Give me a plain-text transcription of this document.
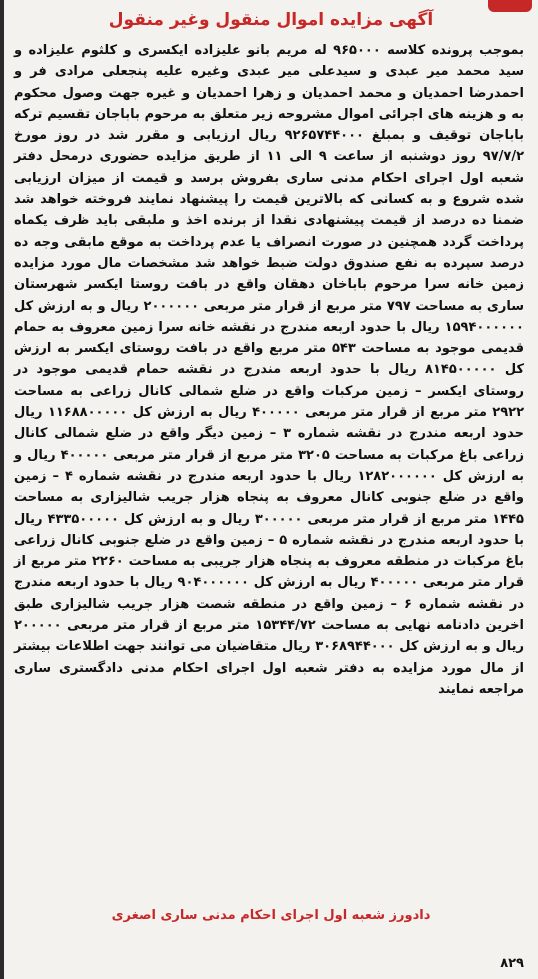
آگهی مزایده اموال منقول وغیر منقول
بموجب پرونده کلاسه ۹۶۵۰۰۰ له مریم بانو علیزاده ایکسری و کلثوم علیزاده و سید محمد میر عبدی و سیدعلی میر عبدی وغیره علیه پنجعلی مرادی فر و احمدرضا احمدیان و محمد احمدیان و زهرا احمدیان و غیره جهت وصول محکوم به و هزینه های اجرائی اموال مشروحه زیر متعلق به مرحوم باباجان تقسیم ترکه باباجان توقیف و بمبلغ ۹۲۶۵۷۴۴۰۰۰ ریال ارزیابی و مقرر شد در روز مورخ ۹۷/۷/۲ روز دوشنبه از ساعت ۹ الی ۱۱ از طریق مزایده حضوری درمحل دفتر شعبه اول اجرای احکام مدنی ساری بفروش برسد و قیمت از میزان ارزیابی شده شروع و به کسانی که بالاترین قیمت را پیشنهاد نمایند فروخته خواهد شد ضمنا ده درصد از قیمت پیشنهادی نقدا از برنده اخذ و ملبقی باید ظرف یکماه پرداخت گردد همچنین در صورت انصراف یا عدم پرداخت به موقع مابقی وجه ده درصد سپرده به نفع صندوق دولت ضبط خواهد شد مشخصات مال مورد مزایده زمین خانه سرا مرحوم باباخان دهقان واقع در بافت روستا ایکسر شهرستان ساری به مساحت ۷۹۷ متر مربع از قرار متر مربعی ۲۰۰۰۰۰۰ ریال و به ارزش کل ۱۵۹۴۰۰۰۰۰۰ ریال با حدود اربعه مندرج در نقشه خانه سرا زمین معروف به حمام قدیمی موجود به مساحت ۵۴۳ متر مربع واقع در بافت روستای ایکسر به ارزش کل ۸۱۴۵۰۰۰۰۰ ریال با حدود اربعه مندرج در نقشه حمام قدیمی موجود در روستای ایکسر – زمین مرکبات واقع در ضلع شمالی کانال زراعی به مساحت ۲۹۲۲ متر مربع از قرار متر مربعی ۴۰۰۰۰۰ ریال به ارزش کل ۱۱۶۸۸۰۰۰۰۰ ریال حدود اربعه مندرج در نقشه شماره ۳ – زمین دیگر واقع در ضلع شمالی کانال زراعی باغ مرکبات به مساحت ۳۲۰۵ متر مربع از قرار متر مربعی ۴۰۰۰۰۰ ریال و به ارزش کل ۱۲۸۲۰۰۰۰۰۰ ریال با حدود اربعه مندرج در نقشه شماره ۴ – زمین واقع در ضلع جنوبی کانال معروف به پنجاه هزار جریب شالیزاری به مساحت ۱۴۴۵ متر مربع از قرار متر مربعی ۳۰۰۰۰۰ ریال و به ارزش کل ۴۳۳۵۰۰۰۰۰ ریال با حدود اربعه مندرج در نقشه شماره ۵ – زمین واقع در ضلع جنوبی کانال زراعی باغ مرکبات در منطقه معروف به پنجاه هزار جریبی به مساحت ۲۲۶۰ متر مربع از قرار متر مربعی ۴۰۰۰۰۰ ریال به ارزش کل ۹۰۴۰۰۰۰۰۰ ریال با حدود اربعه مندرج در نقشه شماره ۶ – زمین واقع در منطقه شصت هزار جریب شالیزاری طبق اخرین دادنامه نهایی به مساحت ۱۵۳۴۴/۷۲ متر مربع از قرار متر مربعی ۲۰۰۰۰۰ ریال و به ارزش کل ۳۰۶۸۹۴۴۰۰۰ ریال متقاضیان می توانند جهت اطلاعات بیشتر از مال مورد مزایده به دفتر شعبه اول اجرای احکام مدنی دادگستری ساری مراجعه نمایند
دادورز شعبه اول اجرای احکام مدنی ساری اصغری
۸۲۹
